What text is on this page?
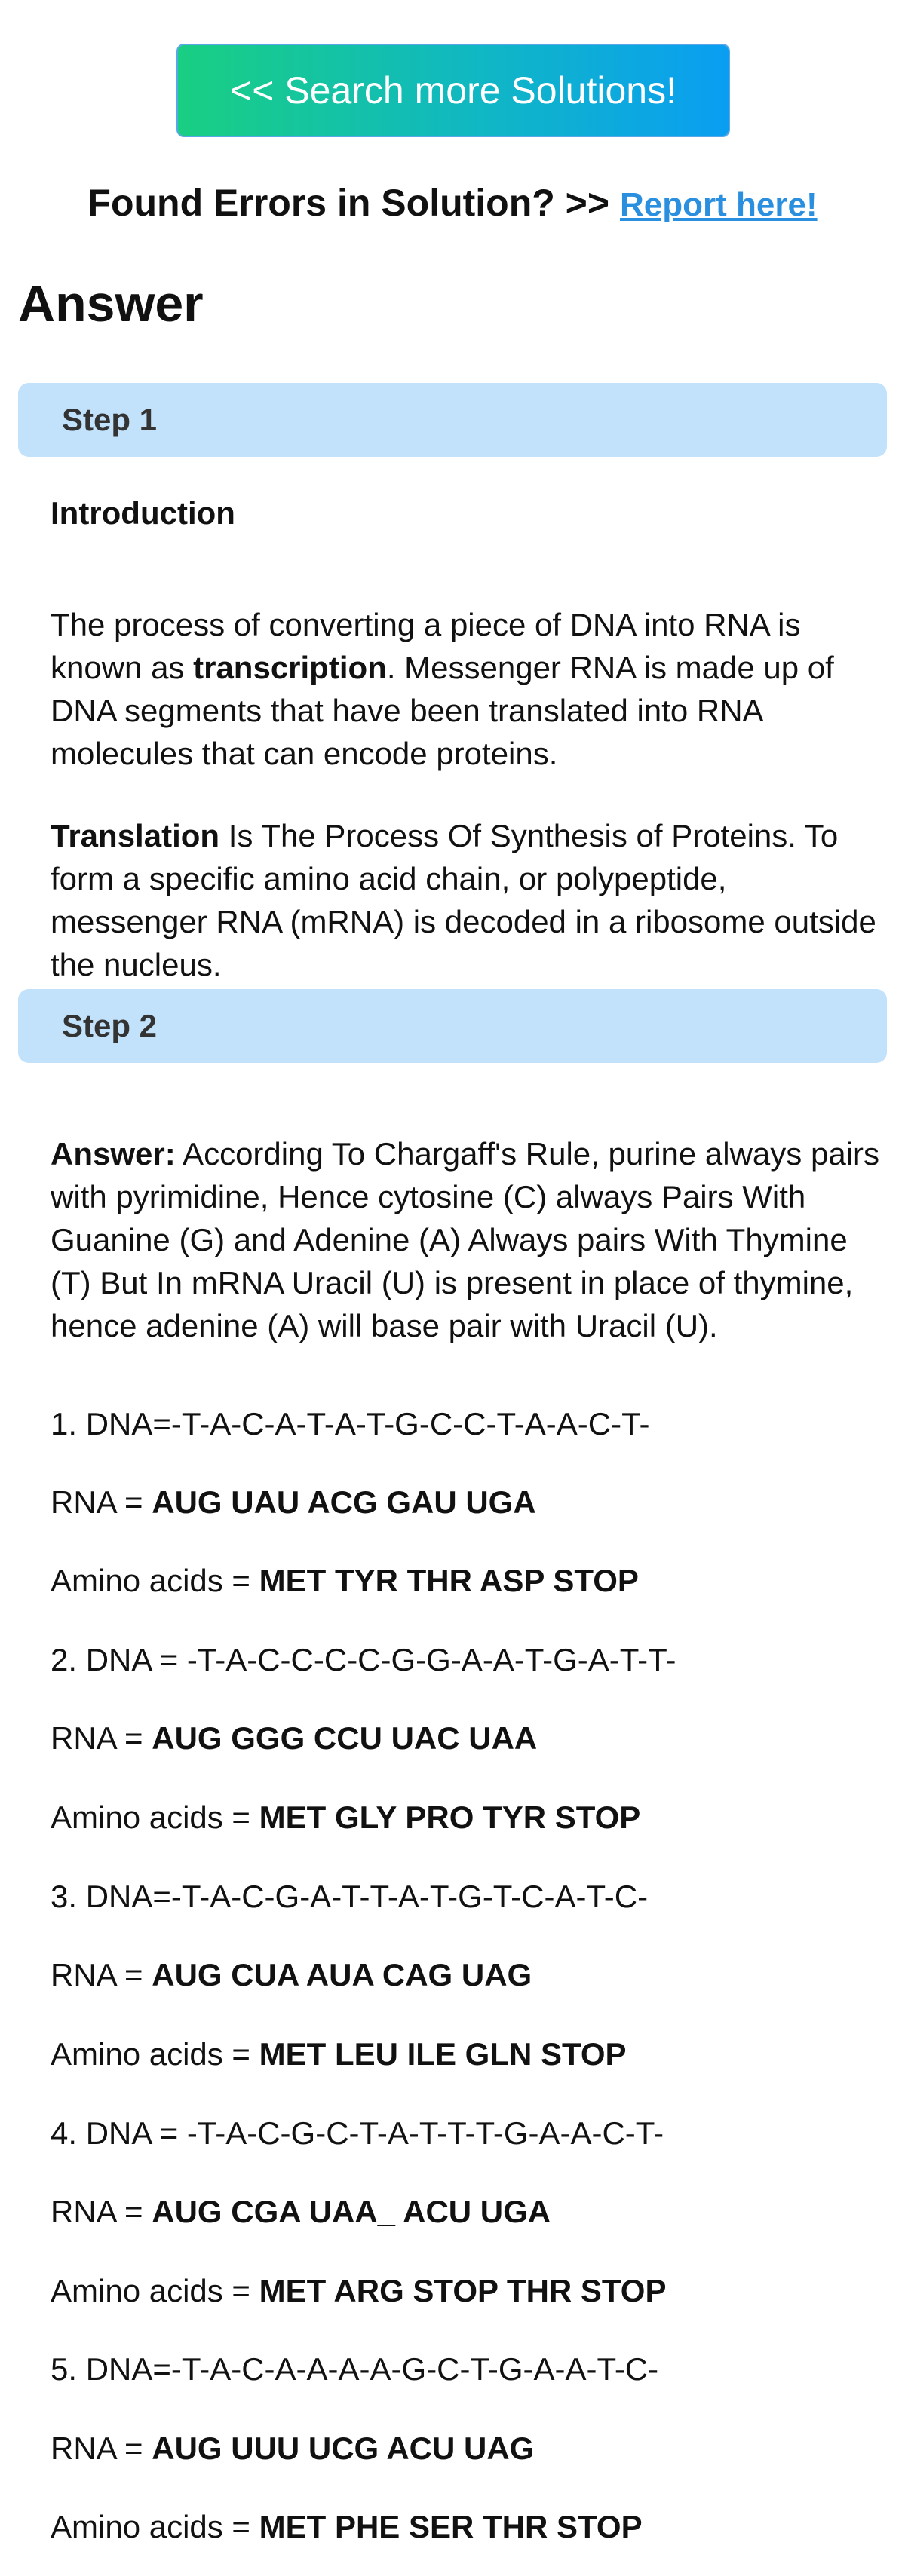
<< Search more Solutions!
Found Errors in Solution? >> Report here!
Answer
Step 1
Introduction

The process of converting a piece of DNA into RNA is known as transcription. Messenger RNA is made up of DNA segments that have been translated into RNA molecules that can encode proteins.

Translation Is The Process Of Synthesis of Proteins. To form a specific amino acid chain, or polypeptide, messenger RNA (mRNA) is decoded in a ribosome outside the nucleus.

Step 2

Answer: According To Chargaff's Rule, purine always pairs with pyrimidine, Hence cytosine (C) always Pairs With Guanine (G) and Adenine (A) Always pairs With Thymine (T) But In mRNA Uracil (U) is present in place of thymine, hence adenine (A) will base pair with Uracil (U).

1. DNA=-T-A-C-A-T-A-T-G-C-C-T-A-A-C-T-
RNA = AUG UAU ACG GAU UGA
Amino acids = MET TYR THR ASP STOP
2. DNA = -T-A-C-C-C-C-G-G-A-A-T-G-A-T-T-
RNA = AUG GGG CCU UAC UAA
Amino acids = MET GLY PRO TYR STOP
3. DNA=-T-A-C-G-A-T-T-A-T-G-T-C-A-T-C-
RNA = AUG CUA AUA CAG UAG
Amino acids = MET LEU ILE GLN STOP
4. DNA = -T-A-C-G-C-T-A-T-T-T-G-A-A-C-T-
RNA = AUG CGA UAA_ ACU UGA
Amino acids = MET ARG STOP THR STOP
5. DNA=-T-A-C-A-A-A-A-G-C-T-G-A-A-T-C-
RNA = AUG UUU UCG ACU UAG
Amino acids = MET PHE SER THR STOP
